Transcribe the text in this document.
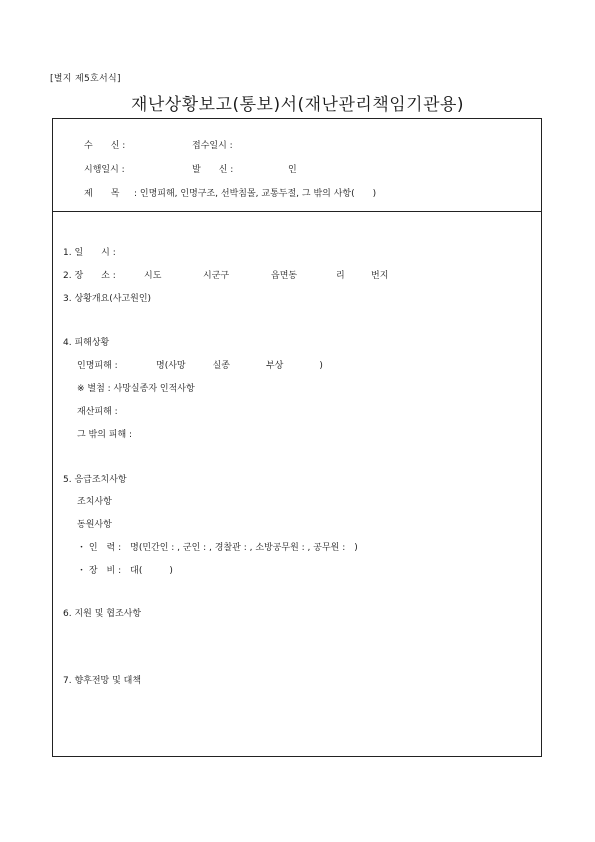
[별지 제5호서식]
재난상황보고(통보)서(재난관리책임기관용)
수　　신 :	접수일시 :
시행일시 :	발　　신 :	인
제　　목 : 인명피해, 인명구조, 선박침몰, 교통두절, 그 밖의 사항(　　)
1. 일　　시 :
2. 장　　소 :	시도	시군구	읍면동	리	번지
3. 상황개요(사고원인)
4. 피해상황
인명피해 :	명(사망　　　실종　　　　부상　　　　)
※ 별첨 : 사망실종자 인적사항
재산피해 :
그 밖의 피해 :
5. 응급조치사항
조치사항
동원사항
・ 인　력 :　명(민간인 : , 군인 : , 경찰관 : , 소방공무원 : , 공무원 :　)
・ 장　비 :　대(　　　)
6. 지원 및 협조사항
7. 향후전망 및 대책
